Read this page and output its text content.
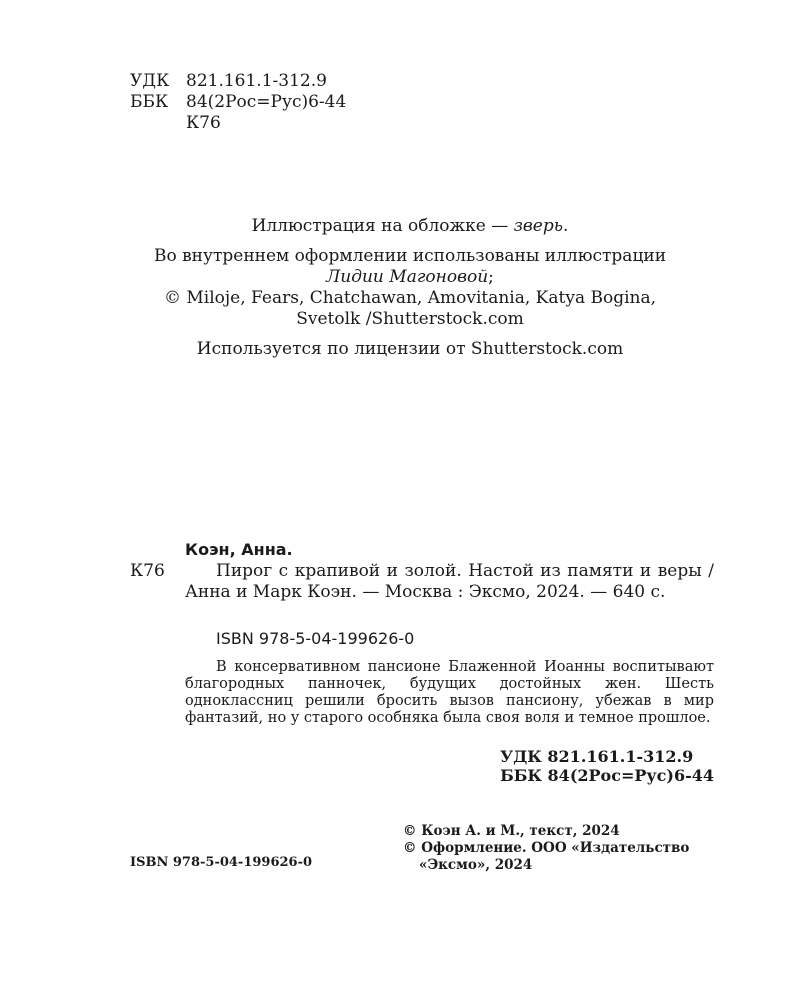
УДК 821.161.1-312.9
ББК	84(2Рос=Рус)6-44
К76
Иллюстрация на обложке — зверь.
Во внутреннем оформлении использованы иллюстрации
Лидии Магоновой;
© Miloje, Fears, Chatchawan, Amovitania, Katya Bogina,
Svetolk /Shutterstock.com
Используется по лицензии от Shutterstock.com
Коэн, Анна.
К76	Пирог с крапивой и золой. Настой из памяти и веры / Анна и Марк Коэн. — Москва : Эксмо, 2024. — 640 с.
ISBN 978-5-04-199626-0
В консервативном пансионе Блаженной Иоанны воспитывают благородных панночек, будущих достойных жен. Шесть одноклассниц решили бросить вызов пансиону, убежав в мир фантазий, но у старого особняка была своя воля и темное прошлое.
УДК 821.161.1-312.9
ББК 84(2Рос=Рус)6-44
ISBN 978-5-04-199626-0
© Коэн А. и М., текст, 2024
© Оформление. ООО «Издательство
«Эксмо», 2024
